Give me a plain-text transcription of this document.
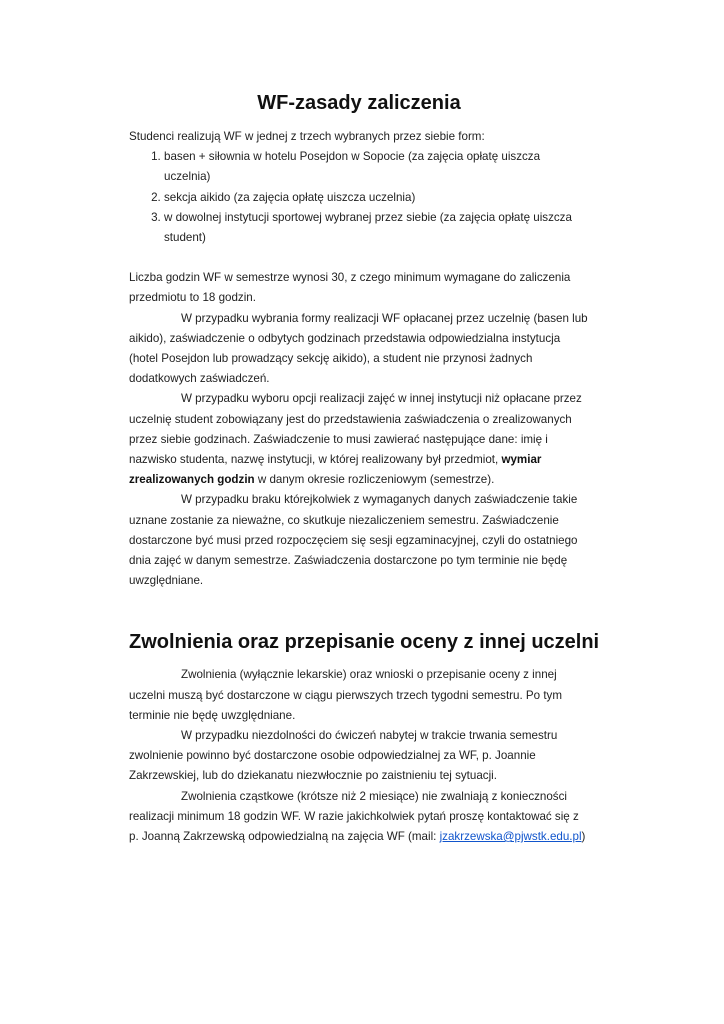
WF-zasady zaliczenia

Studenci realizują WF w jednej z trzech wybranych przez siebie form:

1. basen + siłownia w hotelu Posejdon w Sopocie (za zajęcia opłatę uiszcza uczelnia)
2. sekcja aikido (za zajęcia opłatę uiszcza uczelnia)
3. w dowolnej instytucji sportowej wybranej przez siebie (za zajęcia opłatę uiszcza student)

Liczba godzin WF w semestrze wynosi 30, z czego minimum wymagane do zaliczenia przedmiotu to 18 godzin.

W przypadku wybrania formy realizacji WF opłacanej przez uczelnię (basen lub aikido), zaświadczenie o odbytych godzinach przedstawia odpowiedzialna instytucja (hotel Posejdon lub prowadzący sekcję aikido), a student nie przynosi żadnych dodatkowych zaświadczeń.

W przypadku wyboru opcji realizacji zajęć w innej instytucji niż opłacane przez uczelnię student zobowiązany jest do przedstawienia zaświadczenia o zrealizowanych przez siebie godzinach. Zaświadczenie to musi zawierać następujące dane: imię i nazwisko studenta, nazwę instytucji, w której realizowany był przedmiot, wymiar zrealizowanych godzin w danym okresie rozliczeniowym (semestrze).

W przypadku braku którejkolwiek z wymaganych danych zaświadczenie takie uznane zostanie za nieważne, co skutkuje niezaliczeniem semestru. Zaświadczenie dostarczone być musi przed rozpoczęciem się sesji egzaminacyjnej, czyli do ostatniego dnia zajęć w danym semestrze. Zaświadczenia dostarczone po tym terminie nie będę uwzględniane.

Zwolnienia oraz przepisanie oceny z innej uczelni

Zwolnienia (wyłącznie lekarskie) oraz wnioski o przepisanie oceny z innej uczelni muszą być dostarczone w ciągu pierwszych trzech tygodni semestru. Po tym terminie nie będę uwzględniane.

W przypadku niezdolności do ćwiczeń nabytej w trakcie trwania semestru zwolnienie powinno być dostarczone osobie odpowiedzialnej za WF, p. Joannie Zakrzewskiej, lub do dziekanatu niezwłocznie po zaistnieniu tej sytuacji.

Zwolnienia cząstkowe (krótsze niż 2 miesiące) nie zwalniają z konieczności realizacji minimum 18 godzin WF. W razie jakichkolwiek pytań proszę kontaktować się z p. Joanną Zakrzewską odpowiedzialną na zajęcia WF (mail: jzakrzewska@pjwstk.edu.pl)
